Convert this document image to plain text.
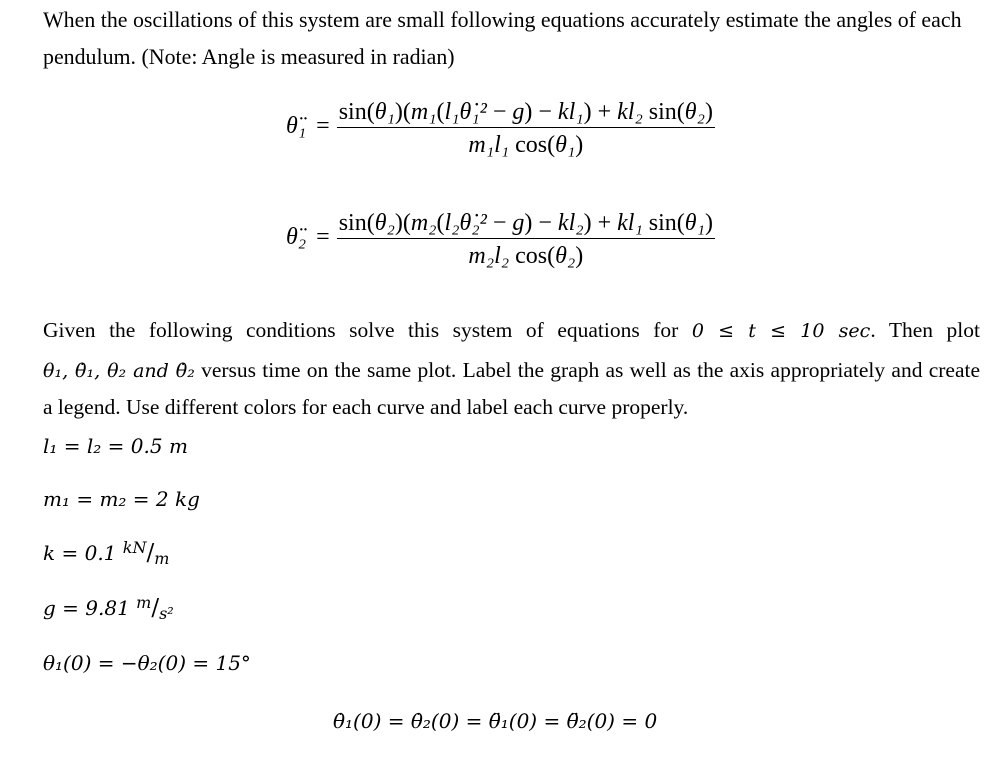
When the oscillations of this system are small following equations accurately estimate the angles of each
pendulum. (Note: Angle is measured in radian)
θ̈₁ =
sin( θ₁ )( m₁ ( l₁θ̇₁² − g ) − kl₁ ) + kl₂ sin( θ₂ )
m₁l₁ cos( θ₁ )
θ̈₂ =
sin( θ₂ )( m₂ ( l₂θ̇₂² − g ) − kl₂ ) + kl₁ sin( θ₁ )
m₂l₂ cos( θ₂ )
Given the following conditions solve this system of equations for 0 ≤ t ≤ 10 sec. Then plot
θ₁, θ̇₁, θ₂ and θ̇₂ versus time on the same plot. Label the graph as well as the axis appropriately and create
a legend. Use different colors for each curve and label each curve properly.
l₁ = l₂ = 0.5 m
m₁ = m₂ = 2 kg
k = 0.1 $^{kN}$/m
g = 9.81 $^m$/s²
θ₁(0) = −θ₂(0) = 15°
θ̇₁(0) = θ̇₂(0) = θ̈₁(0) = θ̈₂(0) = 0
